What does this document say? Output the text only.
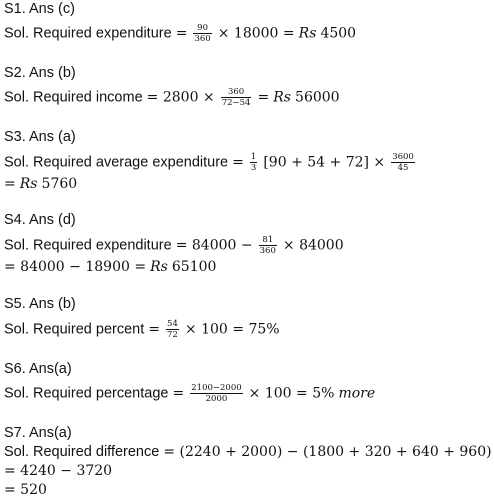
S1. Ans (c)
Sol. Required expenditure = $\frac{90}{360} \times 18000 = Rs$ 4500
S2. Ans (b)
Sol. Required income = $2800 \times \frac{360}{72-54} = Rs$ 56000
S3. Ans (a)
Sol. Required average expenditure = $\frac{1}{3} [90 + 54 + 72] \times \frac{3600}{45}$
= Rs 5760
S4. Ans (d)
Sol. Required expenditure = $84000 - \frac{81}{360} \times 84000$
= 84000 − 18900 = Rs 65100
S5. Ans (b)
Sol. Required percent = $\frac{54}{72} \times 100 = 75\%$
S6. Ans(a)
Sol. Required percentage = $\frac{2100-2000}{2000} \times 100 = 5\%$ more
S7. Ans(a)
Sol. Required difference = (2240 + 2000) − (1800 + 320 + 640 + 960)
= 4240 − 3720
= 520
